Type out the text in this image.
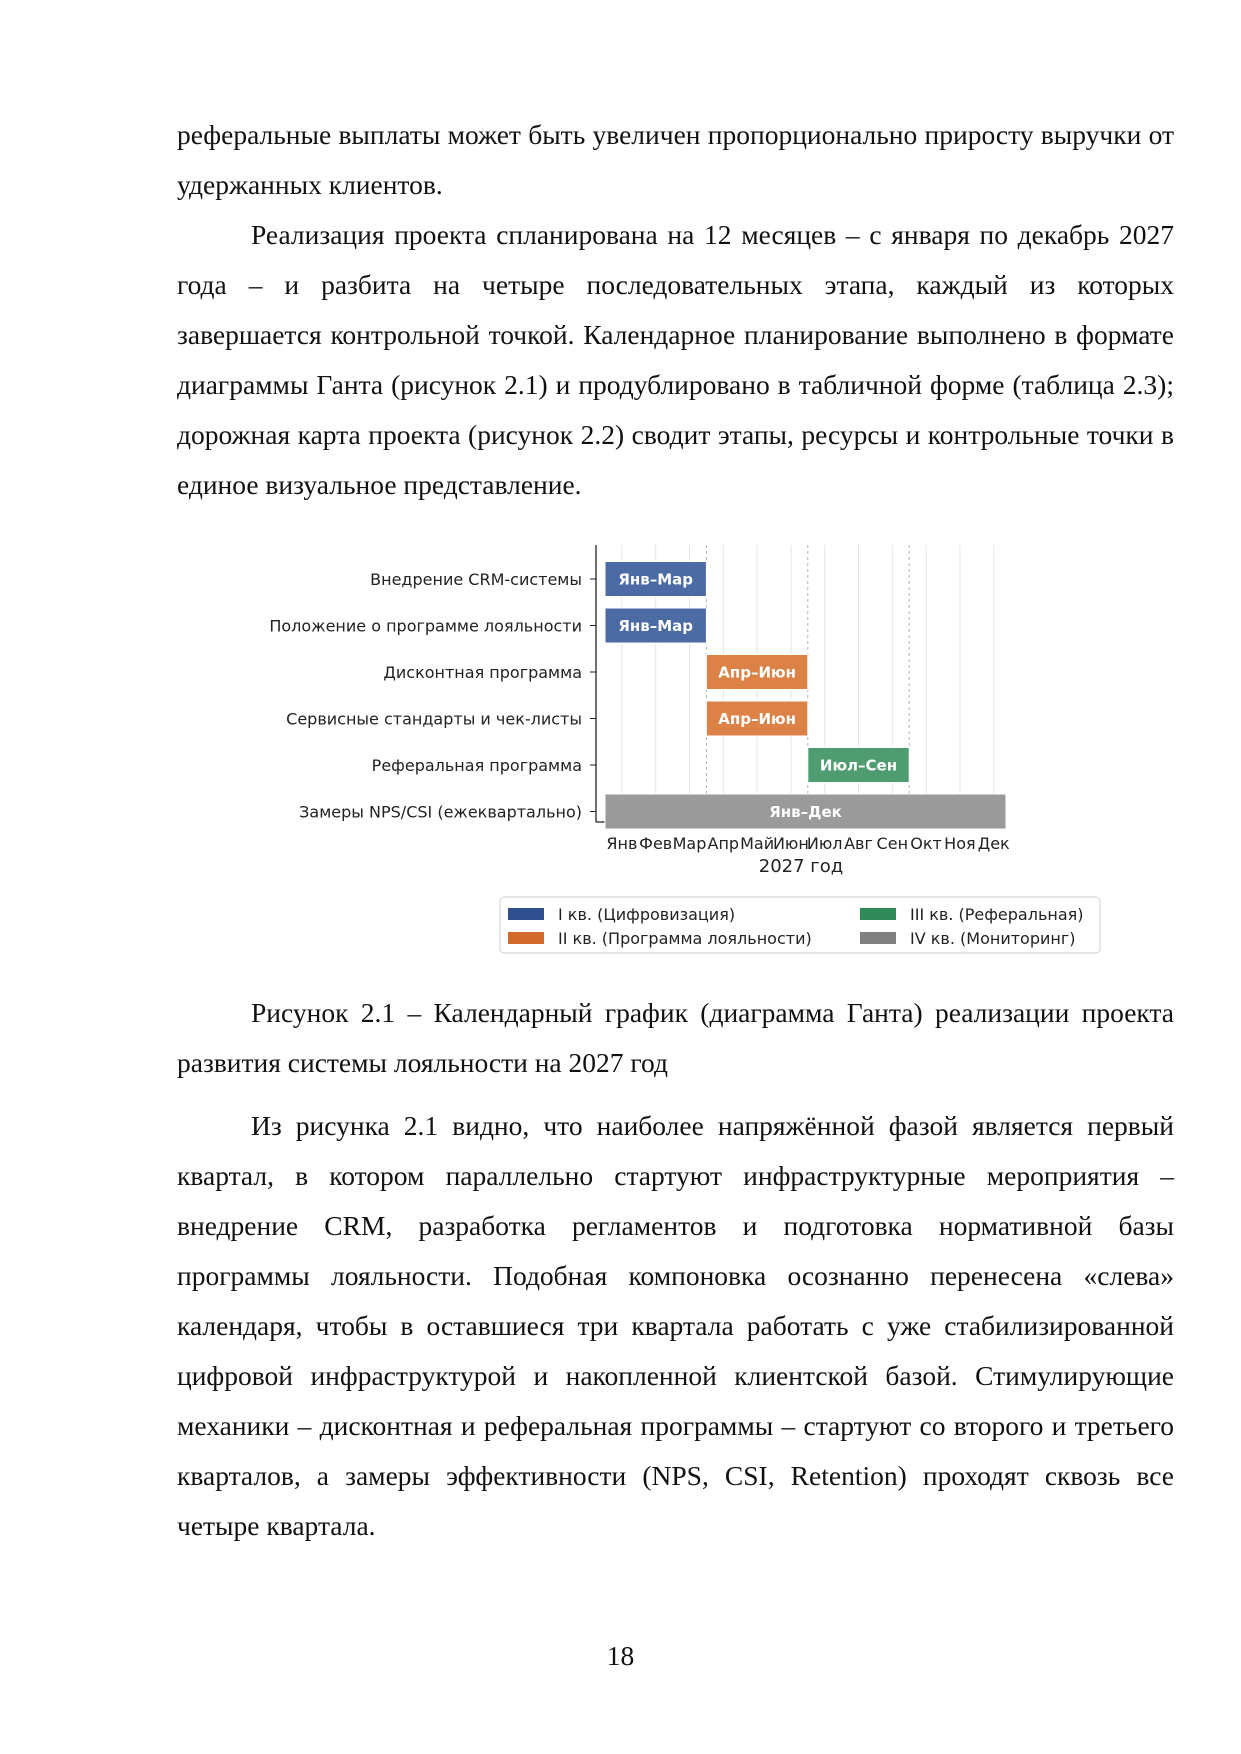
реферальные выплаты может быть увеличен пропорционально приросту выручки от удержанных клиентов.

Реализация проекта спланирована на 12 месяцев – с января по декабрь 2027 года – и разбита на четыре последовательных этапа, каждый из которых завершается контрольной точкой. Календарное планирование выполнено в формате диаграммы Ганта (рисунок 2.1) и продублировано в табличной форме (таблица 2.3); дорожная карта проекта (рисунок 2.2) сводит этапы, ресурсы и контрольные точки в единое визуальное представление.

Янв Фев Мар Апр Май
Июн
Июл Авг Сен Окт Ноя Дек
Внедрение CRM-системы Янв–Мар
Положение о программе лояльности Янв–Мар
Дисконтная программа	Апр–Июн
Сервисные стандарты и чек-листы	Апр–Июн
Реферальная программа	Июл–Сен
Замеры NPS/CSI (ежеквартально)	Янв–Дек
2027 год
I кв. (Цифровизация)
II кв. (Программа лояльности)
III кв. (Реферальная)
IV кв. (Мониторинг)

Рисунок 2.1 – Календарный график (диаграмма Ганта) реализации проекта развития системы лояльности на 2027 год

Из рисунка 2.1 видно, что наиболее напряжённой фазой является первый квартал, в котором параллельно стартуют инфраструктурные мероприятия – внедрение CRM, разработка регламентов и подготовка нормативной базы программы лояльности. Подобная компоновка осознанно перенесена «слева» календаря, чтобы в оставшиеся три квартала работать с уже стабилизированной цифровой инфраструктурой и накопленной клиентской базой. Стимулирующие механики – дисконтная и реферальная программы – стартуют со второго и третьего кварталов, а замеры эффективности (NPS, CSI, Retention) проходят сквозь все четыре квартала.

18
